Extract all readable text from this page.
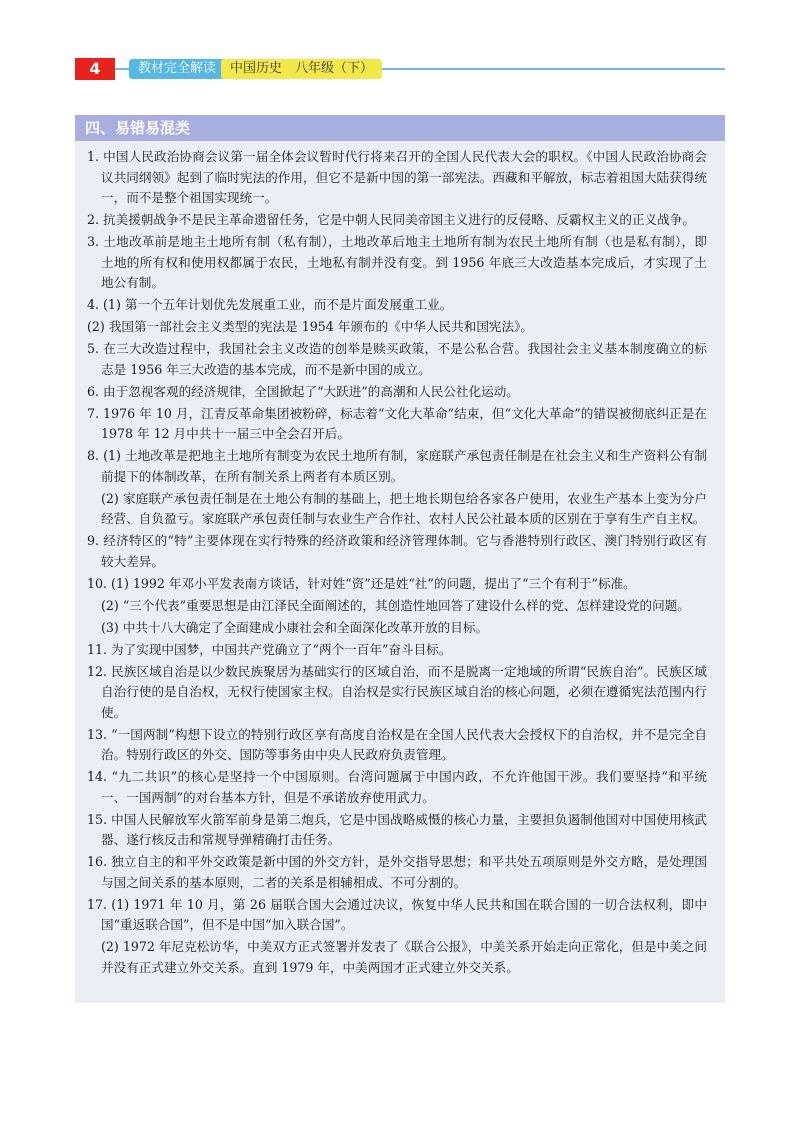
4	教材完全解读	中国历史　八年级（下）
四、易错易混类

1. 中国人民政治协商会议第一届全体会议暂时代行将来召开的全国人民代表大会的职权。《中国人民政治协商会议共同纲领》起到了临时宪法的作用，但它不是新中国的第一部宪法。西藏和平解放，标志着祖国大陆获得统一，而不是整个祖国实现统一。

2. 抗美援朝战争不是民主革命遗留任务，它是中朝人民同美帝国主义进行的反侵略、反霸权主义的正义战争。

3. 土地改革前是地主土地所有制（私有制），土地改革后地主土地所有制为农民土地所有制（也是私有制），即土地的所有权和使用权都属于农民，土地私有制并没有变。到 1956 年底三大改造基本完成后，才实现了土地公有制。

4. (1) 第一个五年计划优先发展重工业，而不是片面发展重工业。

(2) 我国第一部社会主义类型的宪法是 1954 年颁布的《中华人民共和国宪法》。

5. 在三大改造过程中，我国社会主义改造的创举是赎买政策，不是公私合营。我国社会主义基本制度确立的标志是 1956 年三大改造的基本完成，而不是新中国的成立。

6. 由于忽视客观的经济规律，全国掀起了“大跃进”的高潮和人民公社化运动。

7. 1976 年 10 月，江青反革命集团被粉碎，标志着“文化大革命”结束，但“文化大革命”的错误被彻底纠正是在 1978 年 12 月中共十一届三中全会召开后。

8. (1) 土地改革是把地主土地所有制变为农民土地所有制，家庭联产承包责任制是在社会主义和生产资料公有制前提下的体制改革，在所有制关系上两者有本质区别。

(2) 家庭联产承包责任制是在土地公有制的基础上，把土地长期包给各家各户使用，农业生产基本上变为分户经营、自负盈亏。家庭联产承包责任制与农业生产合作社、农村人民公社最本质的区别在于享有生产自主权。

9. 经济特区的“特”主要体现在实行特殊的经济政策和经济管理体制。它与香港特别行政区、澳门特别行政区有较大差异。

10. (1) 1992 年邓小平发表南方谈话，针对姓“资”还是姓“社”的问题，提出了“三个有利于”标准。

(2) “三个代表”重要思想是由江泽民全面阐述的，其创造性地回答了建设什么样的党、怎样建设党的问题。

(3) 中共十八大确定了全面建成小康社会和全面深化改革开放的目标。

11. 为了实现中国梦，中国共产党确立了“两个一百年”奋斗目标。

12. 民族区域自治是以少数民族聚居为基础实行的区域自治，而不是脱离一定地域的所谓“民族自治”。民族区域自治行使的是自治权，无权行使国家主权。自治权是实行民族区域自治的核心问题，必须在遵循宪法范围内行使。

13. “一国两制”构想下设立的特别行政区享有高度自治权是在全国人民代表大会授权下的自治权，并不是完全自治。特别行政区的外交、国防等事务由中央人民政府负责管理。

14. “九二共识”的核心是坚持一个中国原则。台湾问题属于中国内政，不允许他国干涉。我们要坚持“和平统一、一国两制”的对台基本方针，但是不承诺放弃使用武力。

15. 中国人民解放军火箭军前身是第二炮兵，它是中国战略威慑的核心力量，主要担负遏制他国对中国使用核武器、遂行核反击和常规导弹精确打击任务。

16. 独立自主的和平外交政策是新中国的外交方针，是外交指导思想；和平共处五项原则是外交方略，是处理国与国之间关系的基本原则，二者的关系是相辅相成、不可分割的。

17. (1) 1971 年 10 月，第 26 届联合国大会通过决议，恢复中华人民共和国在联合国的一切合法权利，即中国“重返联合国”，但不是中国“加入联合国”。

(2) 1972 年尼克松访华，中美双方正式签署并发表了《联合公报》，中美关系开始走向正常化，但是中美之间并没有正式建立外交关系。直到 1979 年，中美两国才正式建立外交关系。
